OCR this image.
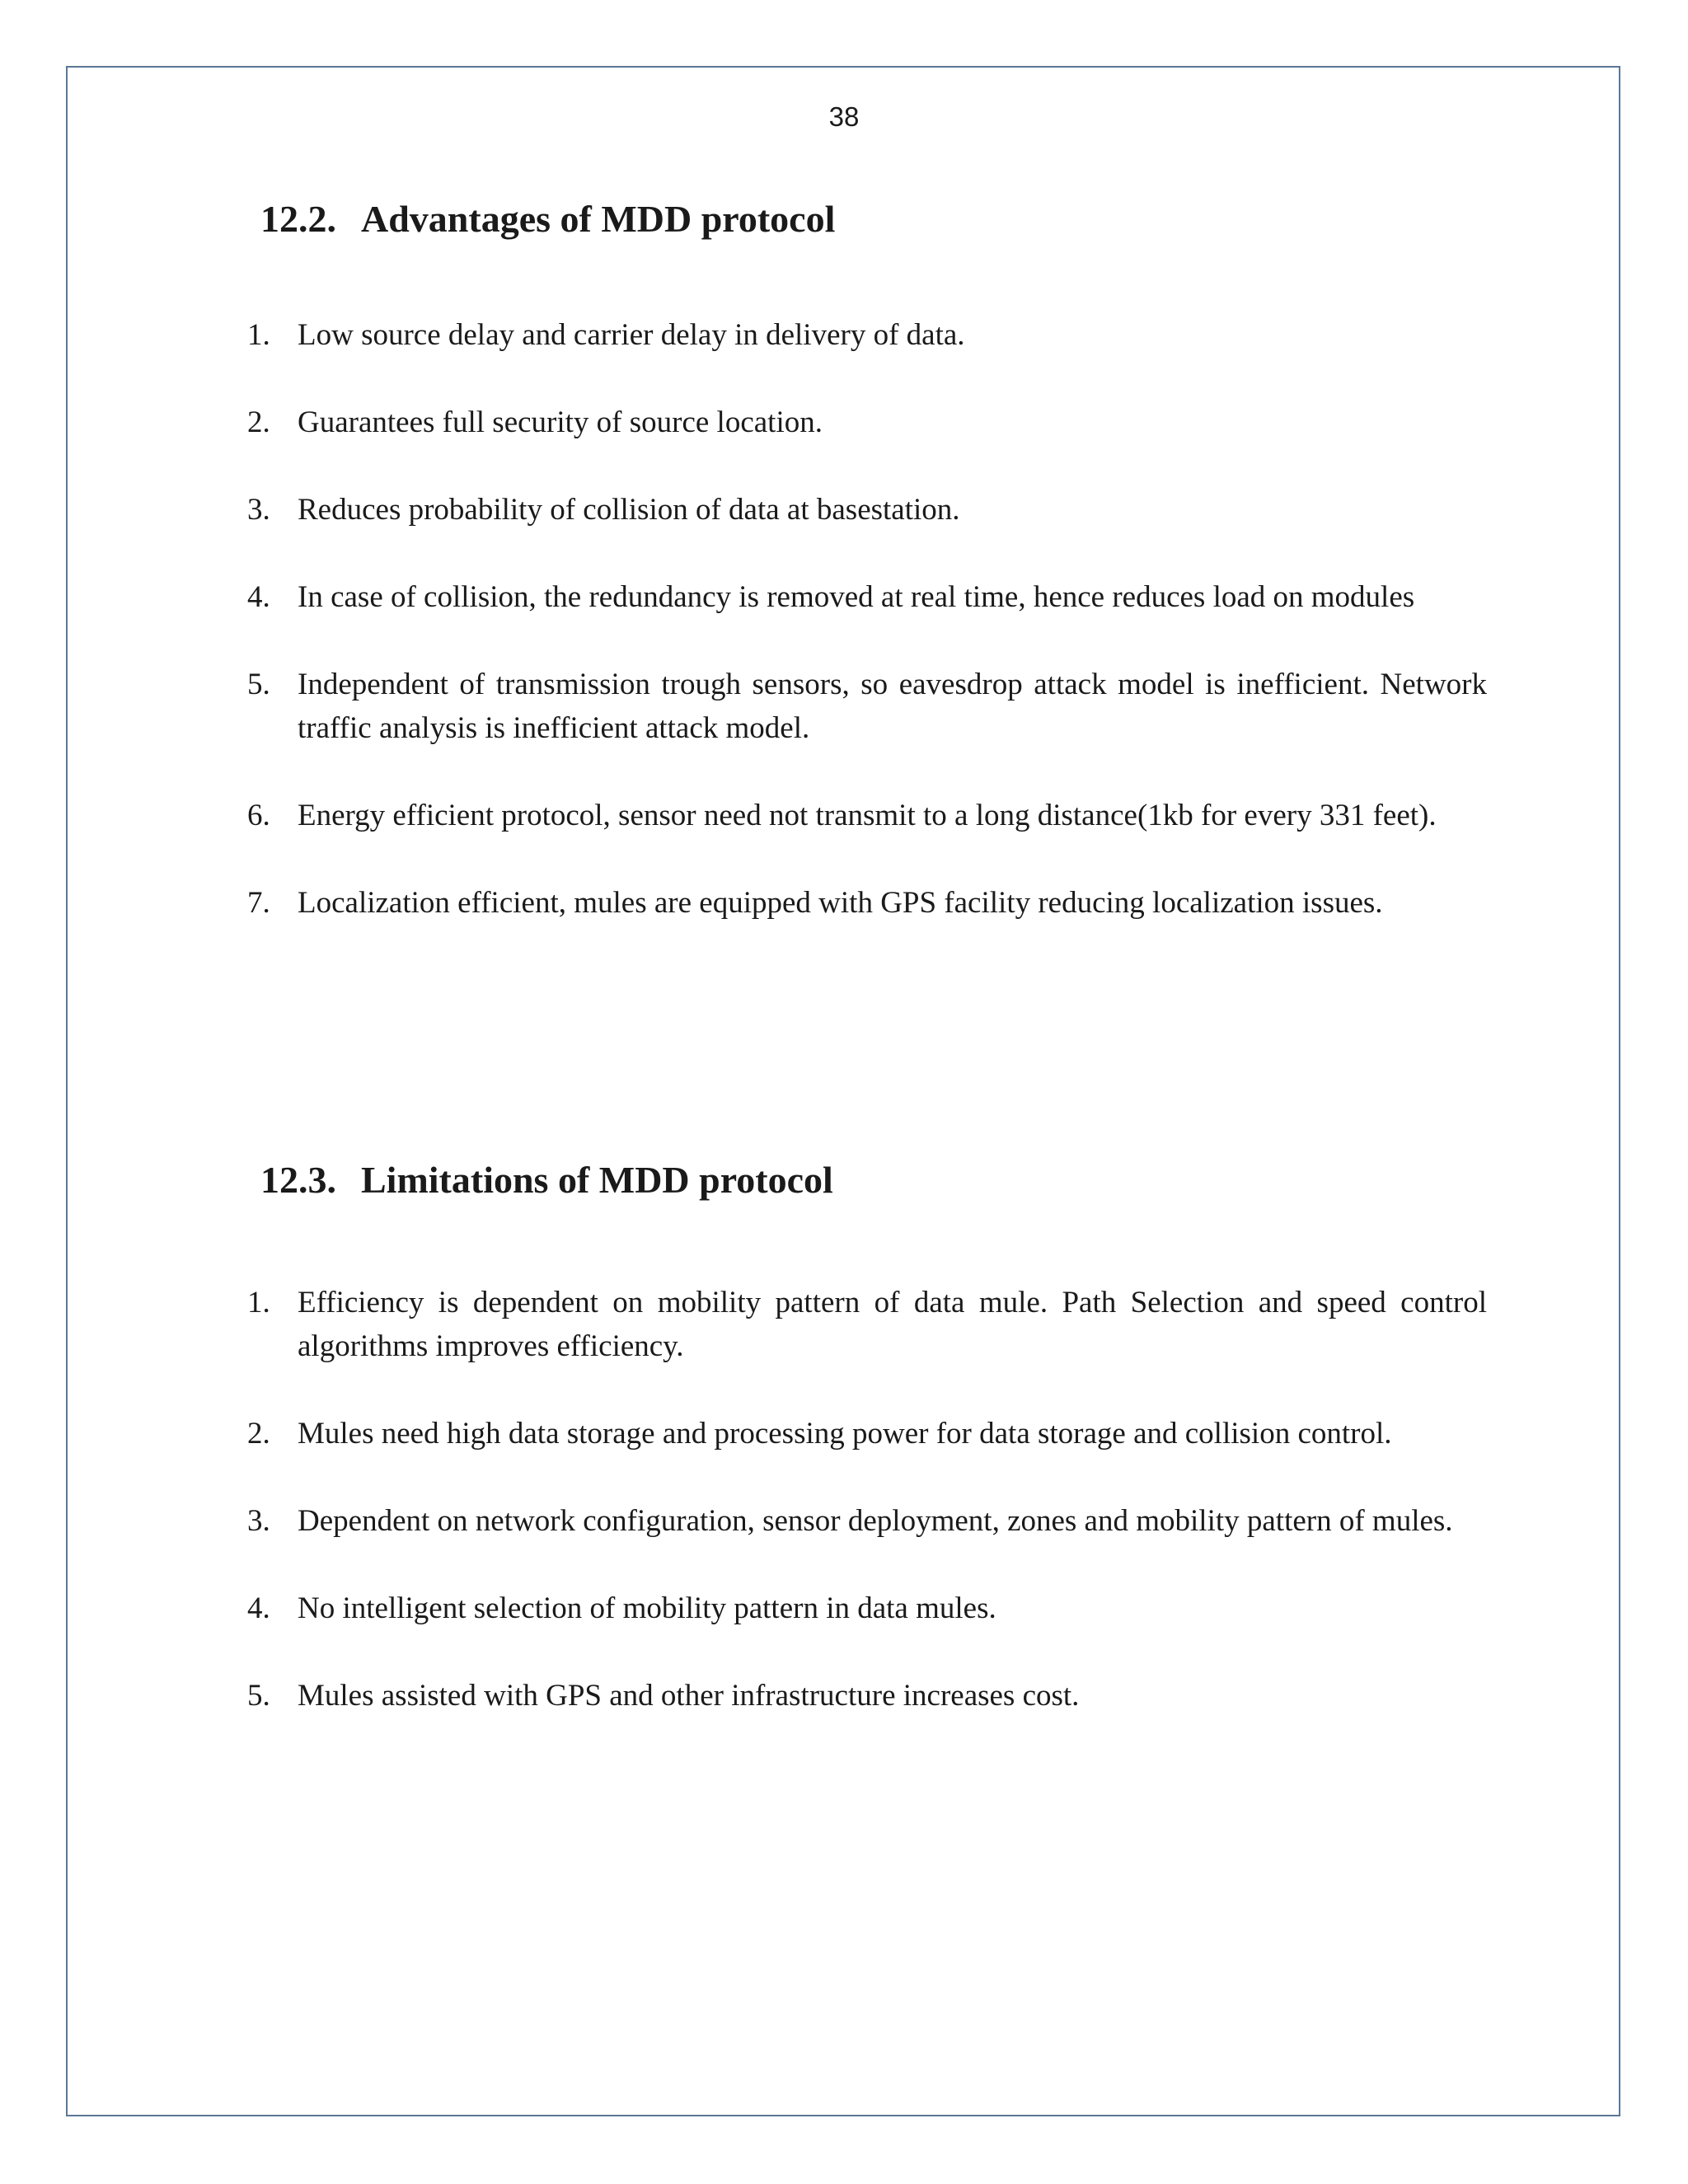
38
12.2. Advantages of MDD protocol
1. Low source delay and carrier delay in delivery of data.
2. Guarantees full security of source location.
3. Reduces probability of collision of data at basestation.
4. In case of collision, the redundancy is removed at real time, hence reduces load on modules
5. Independent of transmission trough sensors, so eavesdrop attack model is inefficient. Network traffic analysis is inefficient attack model.
6. Energy efficient protocol, sensor need not transmit to a long distance(1kb for every 331 feet).
7. Localization efficient, mules are equipped with GPS facility reducing localization issues.
12.3. Limitations of MDD protocol
1. Efficiency is dependent on mobility pattern of data mule. Path Selection and speed control algorithms improves efficiency.
2. Mules need high data storage and processing power for data storage and collision control.
3. Dependent on network configuration, sensor deployment, zones and mobility pattern of mules.
4. No intelligent selection of mobility pattern in data mules.
5. Mules assisted with GPS and other infrastructure increases cost.
